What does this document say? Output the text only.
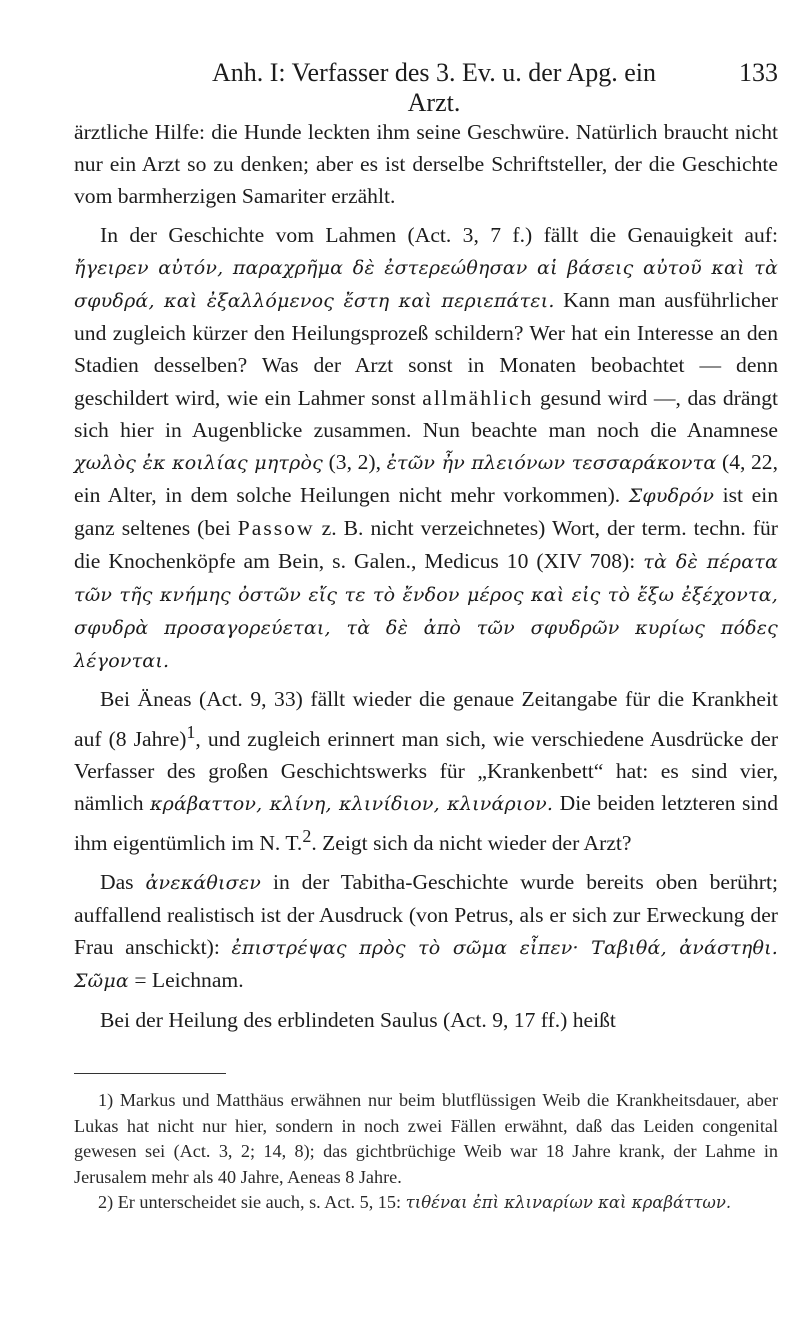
Anh. I: Verfasser des 3. Ev. u. der Apg. ein Arzt.
133

ärztliche Hilfe: die Hunde leckten ihm seine Geschwüre. Natürlich braucht nicht nur ein Arzt so zu denken; aber es ist derselbe Schriftsteller, der die Geschichte vom barmherzigen Samariter erzählt.

In der Geschichte vom Lahmen (Act. 3, 7 f.) fällt die Genauigkeit auf: ἤγειρεν αὐτόν, παραχρῆμα δὲ ἐστερεώθησαν αἱ βάσεις αὐτοῦ καὶ τὰ σφυδρά, καὶ ἐξαλλόμενος ἔστη καὶ περιεπάτει. Kann man ausführlicher und zugleich kürzer den Heilungsprozeß schildern? Wer hat ein Interesse an den Stadien desselben? Was der Arzt sonst in Monaten beobachtet — denn geschildert wird, wie ein Lahmer sonst allmählich gesund wird —, das drängt sich hier in Augenblicke zusammen. Nun beachte man noch die Anamnese χωλὸς ἐκ κοιλίας μητρὸς (3, 2), ἐτῶν ἦν πλειόνων τεσσαράκοντα (4, 22, ein Alter, in dem solche Heilungen nicht mehr vorkommen). Σφυδρόν ist ein ganz seltenes (bei Passow z. B. nicht verzeichnetes) Wort, der term. techn. für die Knochenköpfe am Bein, s. Galen., Medicus 10 (XIV 708): τὰ δὲ πέρατα τῶν τῆς κνήμης ὀστῶν εἴς τε τὸ ἔνδον μέρος καὶ εἰς τὸ ἔξω ἐξέχοντα, σφυδρὰ προσαγορεύεται, τὰ δὲ ἀπὸ τῶν σφυδρῶν κυρίως πόδες λέγονται.

Bei Äneas (Act. 9, 33) fällt wieder die genaue Zeitangabe für die Krankheit auf (8 Jahre)$^1$, und zugleich erinnert man sich, wie verschiedene Ausdrücke der Verfasser des großen Geschichtswerks für „Krankenbett“ hat: es sind vier, nämlich κράβαττον, κλίνη, κλινίδιον, κλινάριον. Die beiden letzteren sind ihm eigentümlich im N. T.$^2$. Zeigt sich da nicht wieder der Arzt?

Das ἀνεκάθισεν in der Tabitha-Geschichte wurde bereits oben berührt; auffallend realistisch ist der Ausdruck (von Petrus, als er sich zur Erweckung der Frau anschickt): ἐπιστρέψας πρὸς τὸ σῶμα εἶπεν· Ταβιθά, ἀνάστηθι. Σῶμα = Leichnam.

Bei der Heilung des erblindeten Saulus (Act. 9, 17 ff.) heißt

1) Markus und Matthäus erwähnen nur beim blutflüssigen Weib die Krankheitsdauer, aber Lukas hat nicht nur hier, sondern in noch zwei Fällen erwähnt, daß das Leiden congenital gewesen sei (Act. 3, 2; 14, 8); das gichtbrüchige Weib war 18 Jahre krank, der Lahme in Jerusalem mehr als 40 Jahre, Aeneas 8 Jahre.

2) Er unterscheidet sie auch, s. Act. 5, 15: τιθέναι ἐπὶ κλιναρίων καὶ κραβάττων.
